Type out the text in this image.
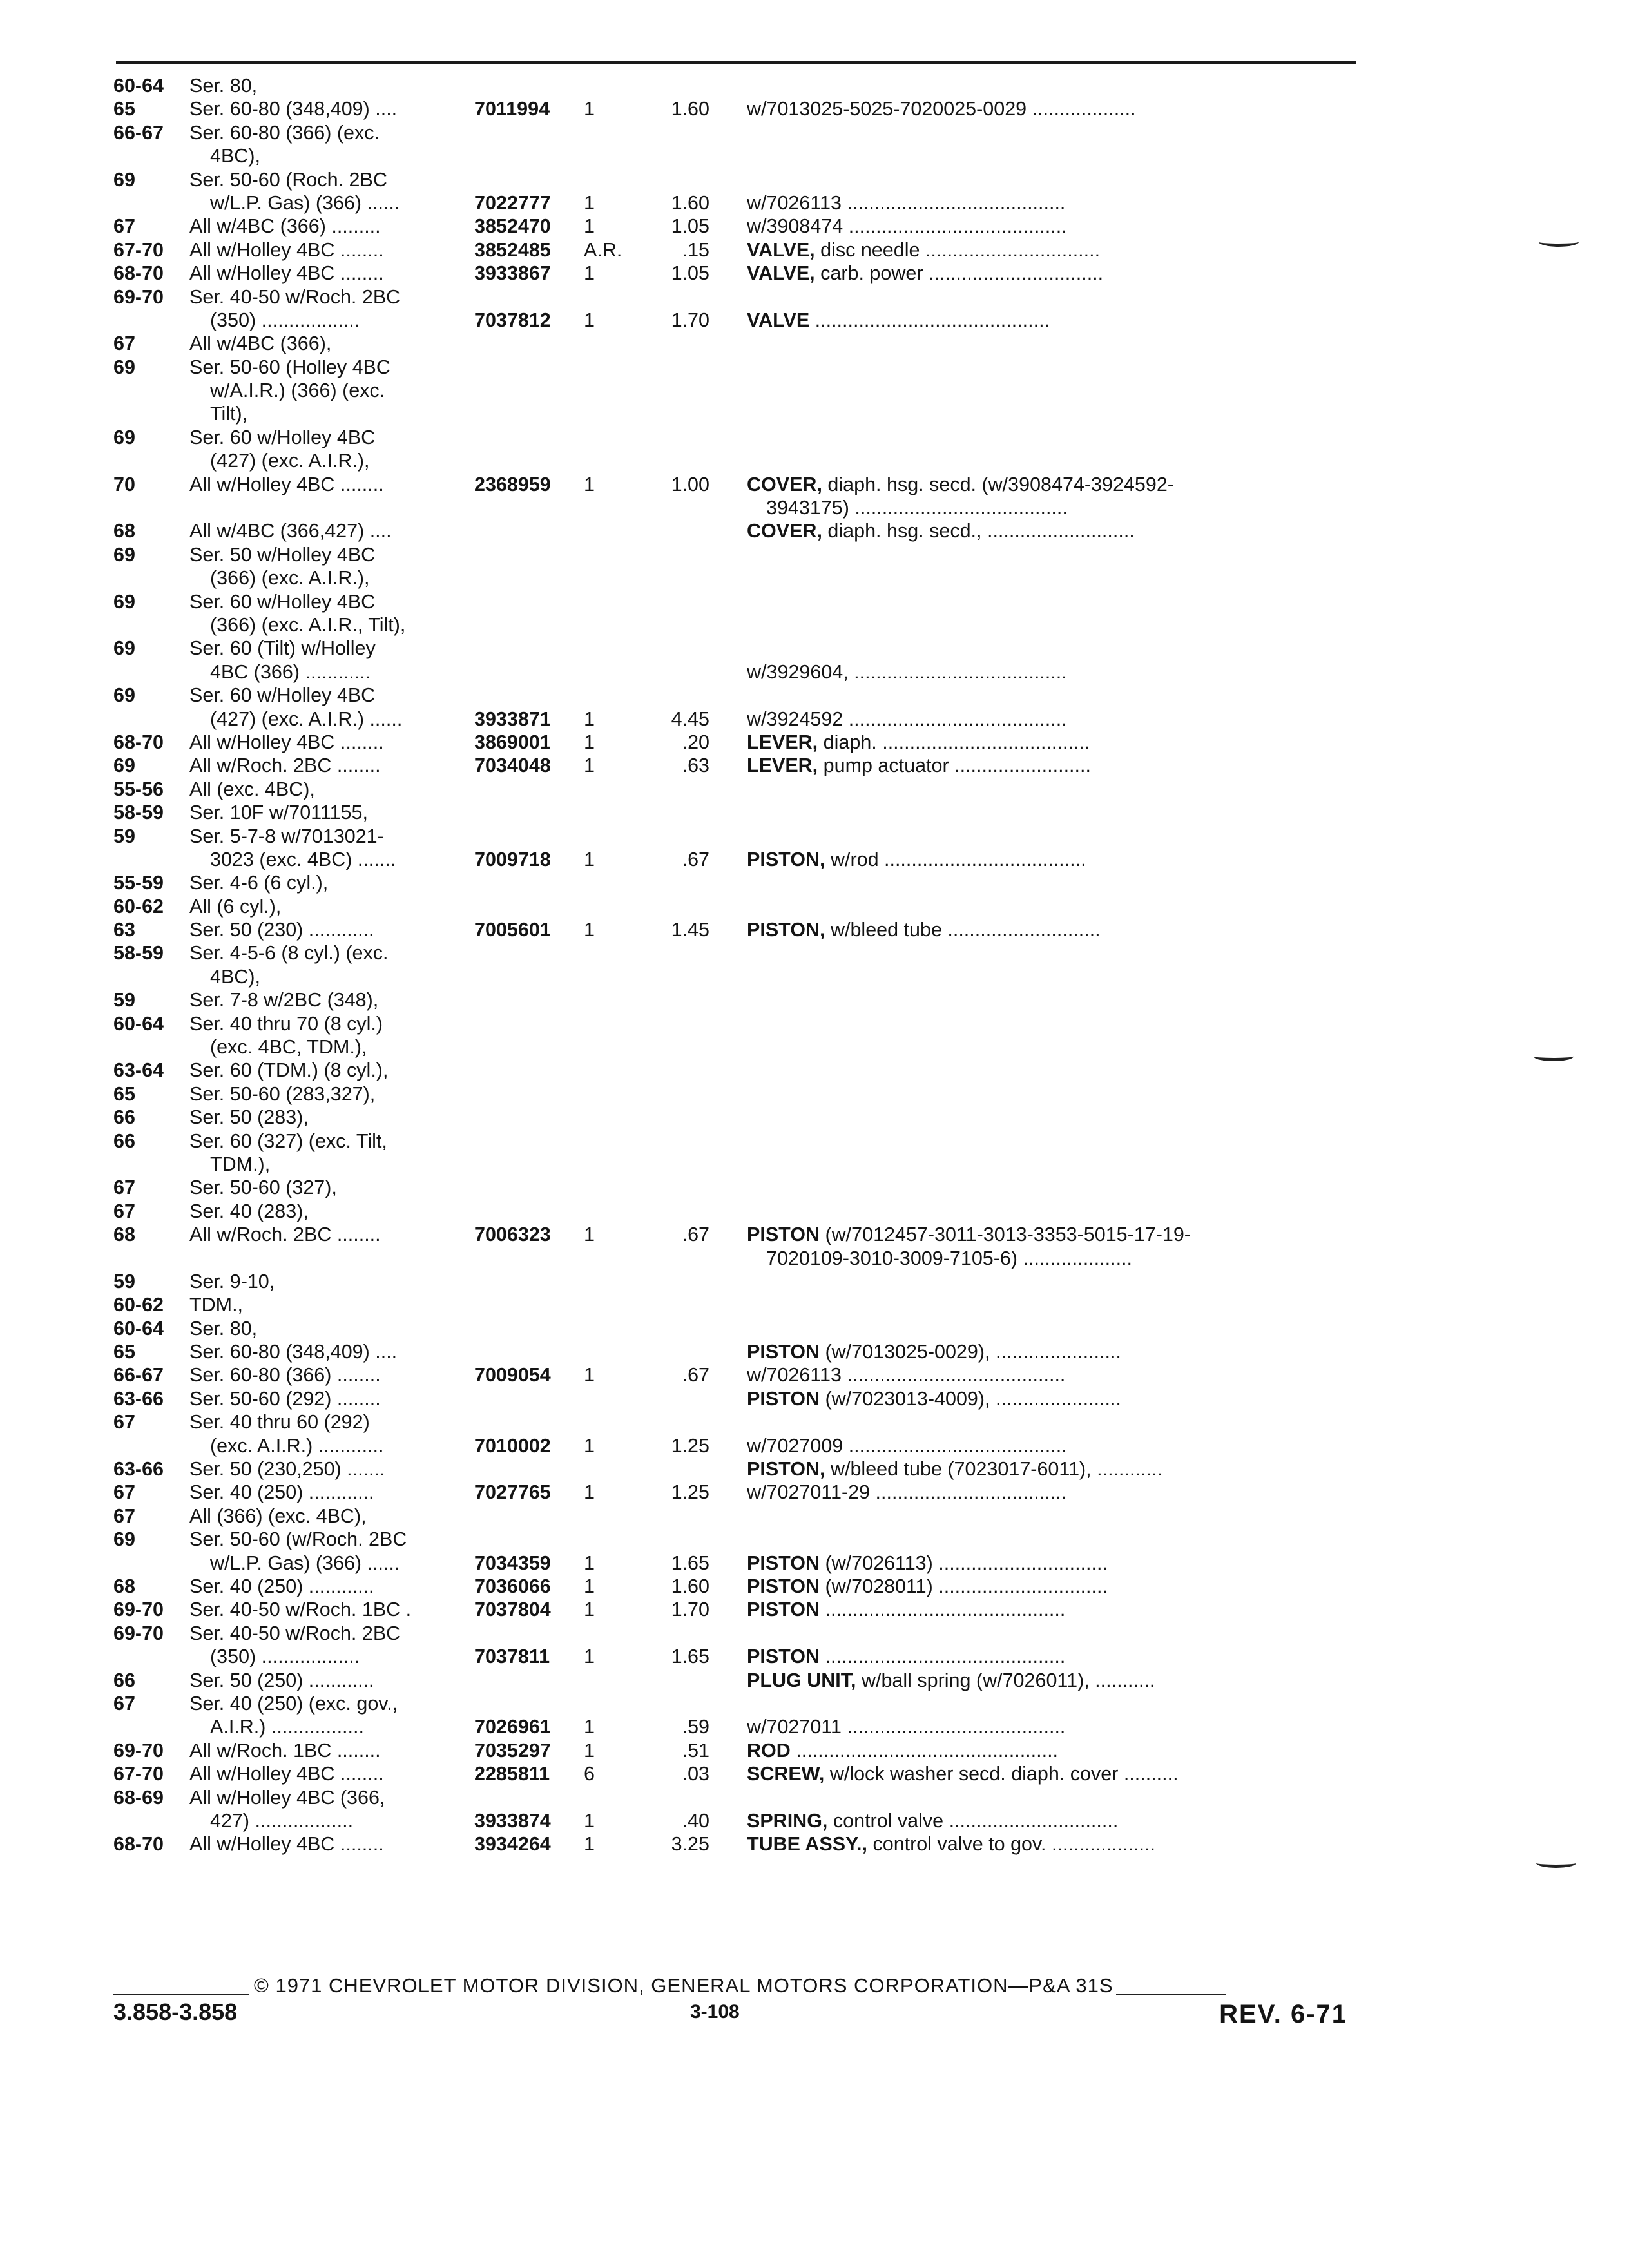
60-64	Ser. 80,
65	Ser. 60-80 (348,409) ....	7011994	1	1.60 w/7013025-5025-7020025-0029 ...................
66-67	Ser. 60-80 (366) (exc.
4BC),
69	Ser. 50-60 (Roch. 2BC
w/L.P. Gas) (366) ......	7022777	1	1.60 w/7026113 ........................................
67	All w/4BC (366) .........	3852470	1	1.05 w/3908474 ........................................
67-70	All w/Holley 4BC ........	3852485	A.R.	.15 VALVE, disc needle ................................
68-70	All w/Holley 4BC ........	3933867	1	1.05 VALVE, carb. power ................................
69-70	Ser. 40-50 w/Roch. 2BC
(350) ..................	7037812	1	1.70 VALVE ...........................................
67	All w/4BC (366),
69	Ser. 50-60 (Holley 4BC
w/A.I.R.) (366) (exc.
Tilt),
69	Ser. 60 w/Holley 4BC
(427) (exc. A.I.R.),
70	All w/Holley 4BC ........	2368959	1	1.00 COVER, diaph. hsg. secd. (w/3908474-3924592-
3943175) .......................................
68	All w/4BC (366,427) ....	COVER, diaph. hsg. secd., ...........................
69	Ser. 50 w/Holley 4BC
(366) (exc. A.I.R.),
69	Ser. 60 w/Holley 4BC
(366) (exc. A.I.R., Tilt),
69	Ser. 60 (Tilt) w/Holley
4BC (366) ............	w/3929604, .......................................
69	Ser. 60 w/Holley 4BC
(427) (exc. A.I.R.) ......	3933871	1	4.45 w/3924592 ........................................
68-70	All w/Holley 4BC ........	3869001	1	.20 LEVER, diaph. ......................................
69	All w/Roch. 2BC ........	7034048	1	.63 LEVER, pump actuator .........................
55-56	All (exc. 4BC),
58-59	Ser. 10F w/7011155,
59	Ser. 5-7-8 w/7013021-
3023 (exc. 4BC) .......	7009718	1	.67 PISTON, w/rod .....................................
55-59	Ser. 4-6 (6 cyl.),
60-62	All (6 cyl.),
63	Ser. 50 (230) ............	7005601	1	1.45 PISTON, w/bleed tube ............................
58-59	Ser. 4-5-6 (8 cyl.) (exc.
4BC),
59	Ser. 7-8 w/2BC (348),
60-64	Ser. 40 thru 70 (8 cyl.)
(exc. 4BC, TDM.),
63-64	Ser. 60 (TDM.) (8 cyl.),
65	Ser. 50-60 (283,327),
66	Ser. 50 (283),
66	Ser. 60 (327) (exc. Tilt,
TDM.),
67	Ser. 50-60 (327),
67	Ser. 40 (283),
68	All w/Roch. 2BC ........	7006323	1	.67 PISTON (w/7012457-3011-3013-3353-5015-17-19-
7020109-3010-3009-7105-6) ....................
59	Ser. 9-10,
60-62	TDM.,
60-64	Ser. 80,
65	Ser. 60-80 (348,409) ....	PISTON (w/7013025-0029), .......................
66-67	Ser. 60-80 (366) ........	7009054	1	.67 w/7026113 ........................................
63-66	Ser. 50-60 (292) ........	PISTON (w/7023013-4009), .......................
67	Ser. 40 thru 60 (292)
(exc. A.I.R.) ............	7010002	1	1.25 w/7027009 ........................................
63-66	Ser. 50 (230,250) .......	PISTON, w/bleed tube (7023017-6011), ............
67	Ser. 40 (250) ............	7027765	1	1.25 w/7027011-29 ...................................
67	All (366) (exc. 4BC),
69	Ser. 50-60 (w/Roch. 2BC
w/L.P. Gas) (366) ......	7034359	1	1.65 PISTON (w/7026113) ...............................
68	Ser. 40 (250) ............	7036066	1	1.60 PISTON (w/7028011) ...............................
69-70	Ser. 40-50 w/Roch. 1BC .	7037804	1	1.70 PISTON ............................................
69-70	Ser. 40-50 w/Roch. 2BC
(350) ..................	7037811	1	1.65 PISTON ............................................
66	Ser. 50 (250) ............	PLUG UNIT, w/ball spring (w/7026011), ...........
67	Ser. 40 (250) (exc. gov.,
A.I.R.) .................	7026961	1	.59 w/7027011 ........................................
69-70	All w/Roch. 1BC ........	7035297	1	.51 ROD ................................................
67-70	All w/Holley 4BC ........	2285811	6	.03 SCREW, w/lock washer secd. diaph. cover ..........
68-69	All w/Holley 4BC (366,
427) ..................	3933874	1	.40 SPRING, control valve ...............................
68-70	All w/Holley 4BC ........	3934264	1	3.25 TUBE ASSY., control valve to gov. ...................
© 1971 CHEVROLET MOTOR DIVISION, GENERAL MOTORS CORPORATION—P&A 31S
3.858-3.858	3-108	REV. 6-71
